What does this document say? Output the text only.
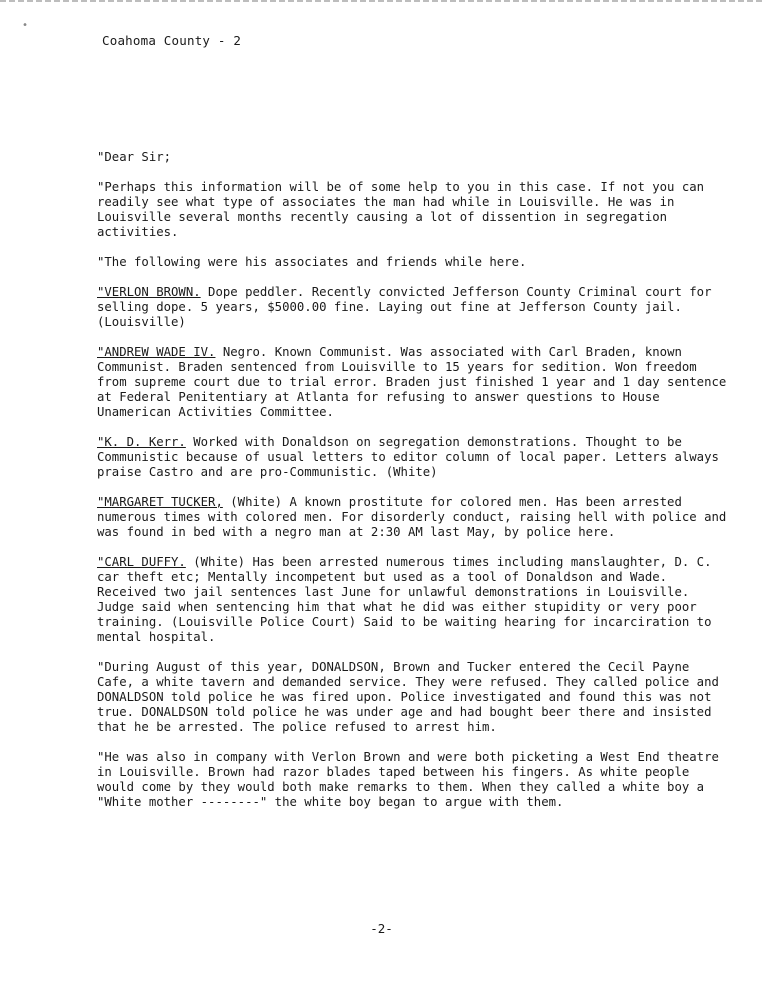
•
Coahoma County - 2

"Dear Sir;

"Perhaps this information will be of some help to you in this case. If not you can readily see what type of associates the man had while in Louisville. He was in Louisville several months recently causing a lot of dissention in segregation activities.

"The following were his associates and friends while here.

"VERLON BROWN. Dope peddler. Recently convicted Jefferson County Criminal court for selling dope. 5 years, $5000.00 fine. Laying out fine at Jefferson County jail. (Louisville)

"ANDREW WADE IV. Negro. Known Communist. Was associated with Carl Braden, known Communist. Braden sentenced from Louisville to 15 years for sedition. Won freedom from supreme court due to trial error. Braden just finished 1 year and 1 day sentence at Federal Penitentiary at Atlanta for refusing to answer questions to House Unamerican Activities Committee.

"K. D. Kerr. Worked with Donaldson on segregation demonstrations. Thought to be Communistic because of usual letters to editor column of local paper. Letters always praise Castro and are pro-Communistic. (White)

"MARGARET TUCKER, (White) A known prostitute for colored men. Has been arrested numerous times with colored men. For disorderly conduct, raising hell with police and was found in bed with a negro man at 2:30 AM last May, by police here.

"CARL DUFFY. (White) Has been arrested numerous times including manslaughter, D. C. car theft etc; Mentally incompetent but used as a tool of Donaldson and Wade. Received two jail sentences last June for unlawful demonstrations in Louisville. Judge said when sentencing him that what he did was either stupidity or very poor training. (Louisville Police Court) Said to be waiting hearing for incarciration to mental hospital.

"During August of this year, DONALDSON, Brown and Tucker entered the Cecil Payne Cafe, a white tavern and demanded service. They were refused. They called police and DONALDSON told police he was fired upon. Police investigated and found this was not true. DONALDSON told police he was under age and had bought beer there and insisted that he be arrested. The police refused to arrest him.

"He was also in company with Verlon Brown and were both picketing a West End theatre in Louisville. Brown had razor blades taped between his fingers. As white people would come by they would both make remarks to them. When they called a white boy a "White mother --------" the white boy began to argue with them.

-2-
